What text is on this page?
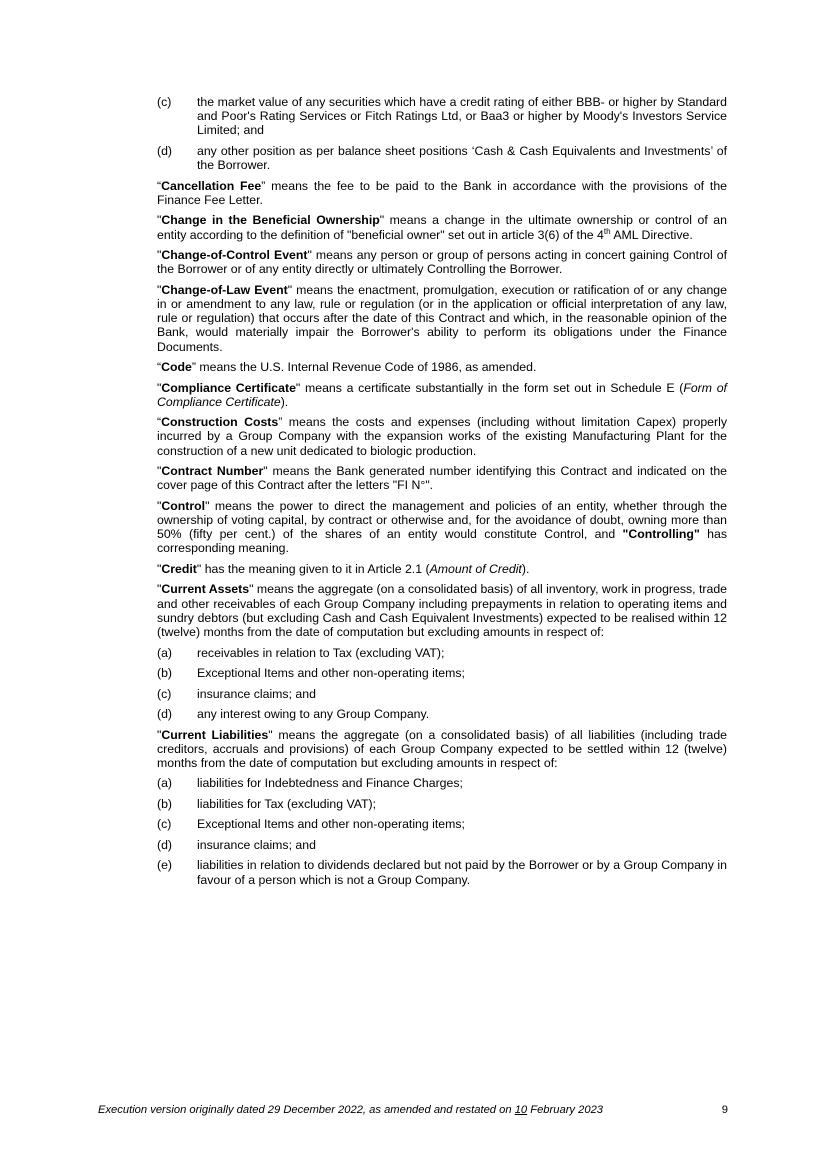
(c)	the market value of any securities which have a credit rating of either BBB- or higher by Standard and Poor's Rating Services or Fitch Ratings Ltd, or Baa3 or higher by Moody's Investors Service Limited; and
(d)	any other position as per balance sheet positions ‘Cash & Cash Equivalents and Investments’ of the Borrower.

“Cancellation Fee” means the fee to be paid to the Bank in accordance with the provisions of the Finance Fee Letter.

"Change in the Beneficial Ownership" means a change in the ultimate ownership or control of an entity according to the definition of "beneficial owner" set out in article 3(6) of the 4th AML Directive.

"Change-of-Control Event" means any person or group of persons acting in concert gaining Control of the Borrower or of any entity directly or ultimately Controlling the Borrower.

"Change-of-Law Event" means the enactment, promulgation, execution or ratification of or any change in or amendment to any law, rule or regulation (or in the application or official interpretation of any law, rule or regulation) that occurs after the date of this Contract and which, in the reasonable opinion of the Bank, would materially impair the Borrower's ability to perform its obligations under the Finance Documents.

“Code” means the U.S. Internal Revenue Code of 1986, as amended.

"Compliance Certificate" means a certificate substantially in the form set out in Schedule E (Form of Compliance Certificate).

“Construction Costs” means the costs and expenses (including without limitation Capex) properly incurred by a Group Company with the expansion works of the existing Manufacturing Plant for the construction of a new unit dedicated to biologic production.

"Contract Number" means the Bank generated number identifying this Contract and indicated on the cover page of this Contract after the letters "FI N°".

"Control" means the power to direct the management and policies of an entity, whether through the ownership of voting capital, by contract or otherwise and, for the avoidance of doubt, owning more than 50% (fifty per cent.) of the shares of an entity would constitute Control, and "Controlling" has corresponding meaning.

"Credit" has the meaning given to it in Article 2.1 (Amount of Credit).

"Current Assets" means the aggregate (on a consolidated basis) of all inventory, work in progress, trade and other receivables of each Group Company including prepayments in relation to operating items and sundry debtors (but excluding Cash and Cash Equivalent Investments) expected to be realised within 12 (twelve) months from the date of computation but excluding amounts in respect of:

(a)	receivables in relation to Tax (excluding VAT);
(b)	Exceptional Items and other non-operating items;
(c)	insurance claims; and
(d)	any interest owing to any Group Company.

"Current Liabilities" means the aggregate (on a consolidated basis) of all liabilities (including trade creditors, accruals and provisions) of each Group Company expected to be settled within 12 (twelve) months from the date of computation but excluding amounts in respect of:

(a)	liabilities for Indebtedness and Finance Charges;
(b)	liabilities for Tax (excluding VAT);
(c)	Exceptional Items and other non-operating items;
(d)	insurance claims; and
(e)	liabilities in relation to dividends declared but not paid by the Borrower or by a Group Company in favour of a person which is not a Group Company.
Execution version originally dated 29 December 2022, as amended and restated on 10 February 2023	9
